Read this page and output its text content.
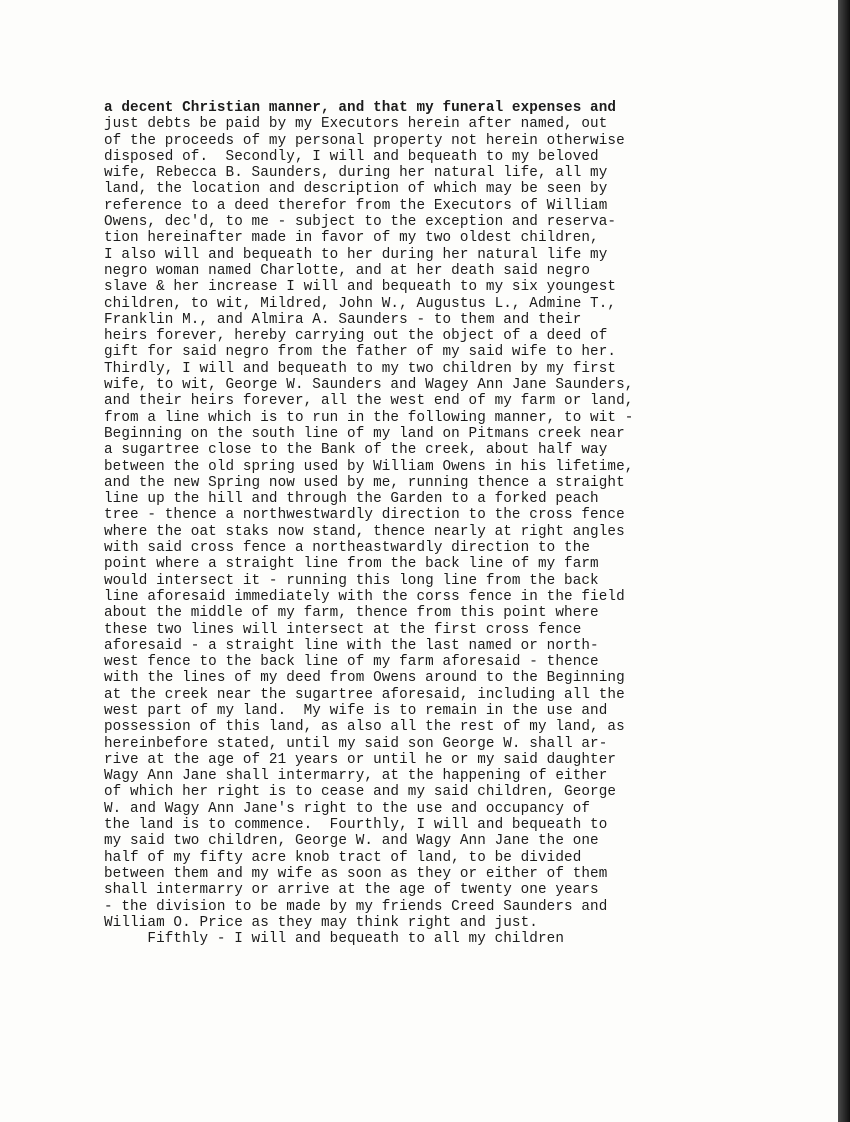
a decent Christian manner, and that my funeral expenses and
just debts be paid by my Executors herein after named, out
of the proceeds of my personal property not herein otherwise
disposed of.  Secondly, I will and bequeath to my beloved
wife, Rebecca B. Saunders, during her natural life, all my
land, the location and description of which may be seen by
reference to a deed therefor from the Executors of William
Owens, dec'd, to me - subject to the exception and reserva-
tion hereinafter made in favor of my two oldest children,
I also will and bequeath to her during her natural life my
negro woman named Charlotte, and at her death said negro
slave & her increase I will and bequeath to my six youngest
children, to wit, Mildred, John W., Augustus L., Admine T.,
Franklin M., and Almira A. Saunders - to them and their
heirs forever, hereby carrying out the object of a deed of
gift for said negro from the father of my said wife to her.
Thirdly, I will and bequeath to my two children by my first
wife, to wit, George W. Saunders and Wagey Ann Jane Saunders,
and their heirs forever, all the west end of my farm or land,
from a line which is to run in the following manner, to wit -
Beginning on the south line of my land on Pitmans creek near
a sugartree close to the Bank of the creek, about half way
between the old spring used by William Owens in his lifetime,
and the new Spring now used by me, running thence a straight
line up the hill and through the Garden to a forked peach
tree - thence a northwestwardly direction to the cross fence
where the oat staks now stand, thence nearly at right angles
with said cross fence a northeastwardly direction to the
point where a straight line from the back line of my farm
would intersect it - running this long line from the back
line aforesaid immediately with the corss fence in the field
about the middle of my farm, thence from this point where
these two lines will intersect at the first cross fence
aforesaid - a straight line with the last named or north-
west fence to the back line of my farm aforesaid - thence
with the lines of my deed from Owens around to the Beginning
at the creek near the sugartree aforesaid, including all the
west part of my land.  My wife is to remain in the use and
possession of this land, as also all the rest of my land, as
hereinbefore stated, until my said son George W. shall ar-
rive at the age of 21 years or until he or my said daughter
Wagy Ann Jane shall intermarry, at the happening of either
of which her right is to cease and my said children, George
W. and Wagy Ann Jane's right to the use and occupancy of
the land is to commence.  Fourthly, I will and bequeath to
my said two children, George W. and Wagy Ann Jane the one
half of my fifty acre knob tract of land, to be divided
between them and my wife as soon as they or either of them
shall intermarry or arrive at the age of twenty one years
- the division to be made by my friends Creed Saunders and
William O. Price as they may think right and just.
Fifthly - I will and bequeath to all my children
